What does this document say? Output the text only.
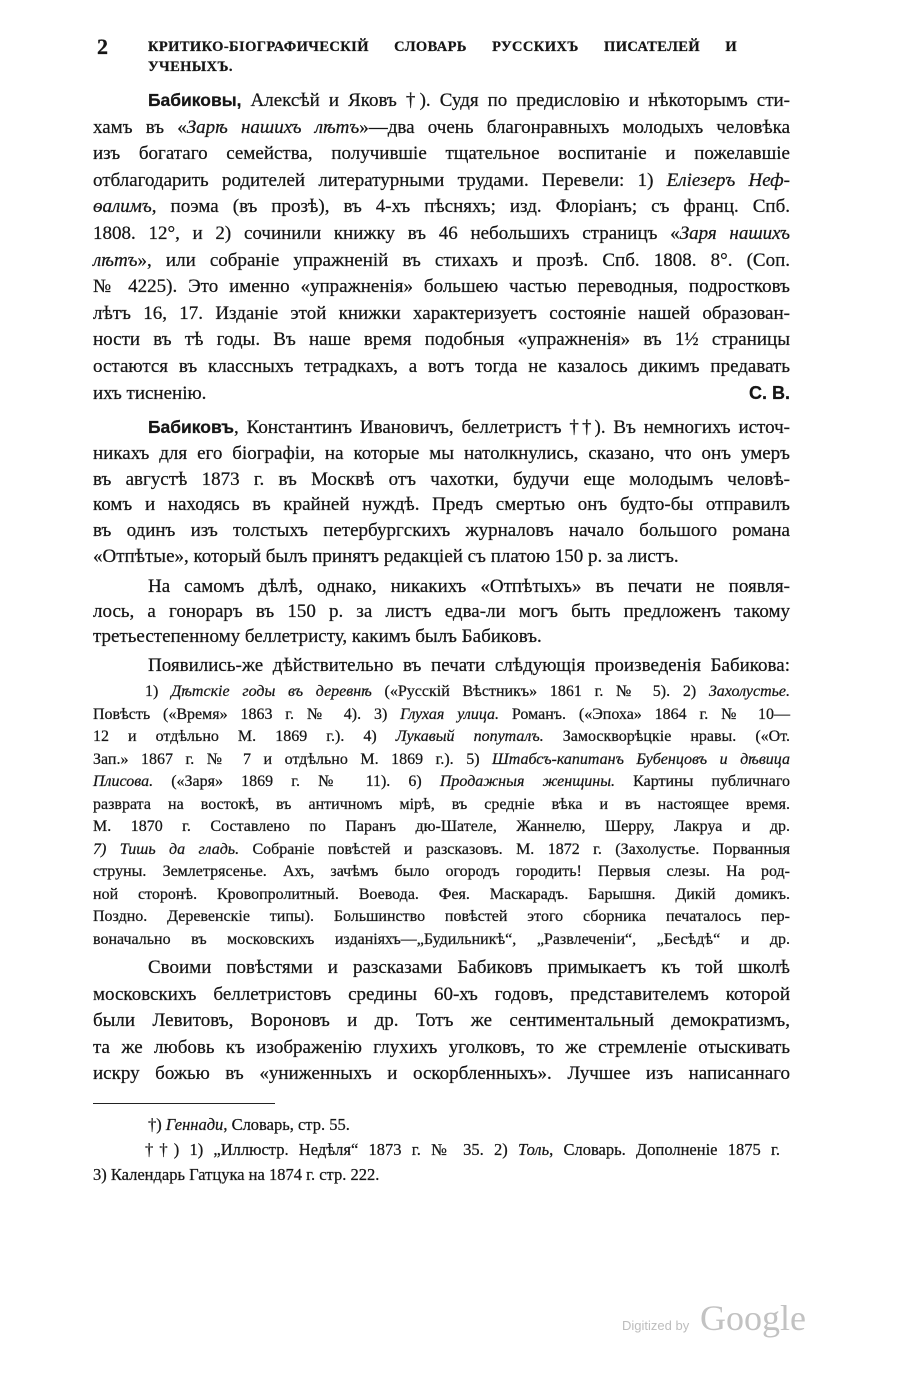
2	КРИТИКО-БІОГРАФИЧЕСКІЙ СЛОВАРЬ РУССКИХЪ ПИСАТЕЛЕЙ И УЧЕНЫХЪ.
Бабиковы, Алексѣй и Яковъ †). Судя по предисловію и нѣкоторымъ сти-
хамъ въ «Зарѣ нашихъ лѣтъ»—два очень благонравныхъ молодыхъ человѣка
изъ богатаго семейства, получившіе тщательное воспитаніе и пожелавшіе
отблагодарить родителей литературными трудами. Перевели: 1) Еліезеръ Неф-
ѳалимъ, поэма (въ прозѣ), въ 4-хъ пѣсняхъ; изд. Флоріанъ; съ франц. Спб.
1808. 12°, и 2) сочинили книжку въ 46 небольшихъ страницъ «Заря нашихъ
лѣтъ», или собраніе упражненій въ стихахъ и прозѣ. Спб. 1808. 8°. (Соп.
№ 4225). Это именно «упражненія» большею частью переводныя, подростковъ
лѣтъ 16, 17. Изданіе этой книжки характеризуетъ состояніе нашей образован-
ности въ тѣ годы. Въ наше время подобныя «упражненія» въ 1½ страницы
остаются въ классныхъ тетрадкахъ, а вотъ тогда не казалось дикимъ предавать
ихъ тисненію.	С. В.
Бабиковъ, Константинъ Ивановичъ, беллетристъ ††). Въ немногихъ источ-
никахъ для его біографіи, на которые мы натолкнулись, сказано, что онъ умеръ
въ августѣ 1873 г. въ Москвѣ отъ чахотки, будучи еще молодымъ человѣ-
комъ и находясь въ крайней нуждѣ. Предъ смертью онъ будто-бы отправилъ
въ одинъ изъ толстыхъ петербургскихъ журналовъ начало большого романа
«Отпѣтые», который былъ принятъ редакціей съ платою 150 р. за листъ.
На самомъ дѣлѣ, однако, никакихъ «Отпѣтыхъ» въ печати не появля-
лось, а гонораръ въ 150 р. за листъ едва-ли могъ быть предложенъ такому
третьестепенному беллетристу, какимъ былъ Бабиковъ.
Появились-же дѣйствительно въ печати слѣдующія произведенія Бабикова:
1) Дѣтскіе годы въ деревнѣ («Русскій Вѣстникъ» 1861 г. № 5). 2) Захолустье.
Повѣсть («Время» 1863 г. № 4). 3) Глухая улица. Романъ. («Эпоха» 1864 г. № 10—
12 и отдѣльно М. 1869 г.). 4) Лукавый попуталъ. Замоскворѣцкіе нравы. («От.
Зап.» 1867 г. № 7 и отдѣльно М. 1869 г.). 5) Штабсъ-капитанъ Бубенцовъ и дѣвица
Плисова. («Заря» 1869 г. № 11). 6) Продажныя женщины. Картины публичнаго
разврата на востокѣ, въ античномъ мірѣ, въ средніе вѣка и въ настоящее время.
М. 1870 г. Составлено по Паранъ дю-Шателе, Жаннелю, Шерру, Лакруа и др.
7) Тишь да гладь. Собраніе повѣстей и разсказовъ. М. 1872 г. (Захолустье. Порванныя
струны. Землетрясенье. Ахъ, зачѣмъ было огородъ городить! Первыя слезы. На род-
ной сторонѣ. Кровопролитный. Воевода. Фея. Маскарадъ. Барышня. Дикій домикъ.
Поздно. Деревенскіе типы). Большинство повѣстей этого сборника печаталось пер-
воначально въ московскихъ изданіяхъ—„Будильникѣ“, „Развлеченіи“, „Бесѣдѣ“ и др.
Своими повѣстями и разсказами Бабиковъ примыкаетъ къ той школѣ
московскихъ беллетристовъ средины 60-хъ годовъ, представителемъ которой
были Левитовъ, Вороновъ и др. Тотъ же сентиментальный демократизмъ,
та же любовь къ изображенію глухихъ уголковъ, то же стремленіе отыскивать
искру божью въ «униженныхъ и оскорбленныхъ». Лучшее изъ написаннаго
†) Геннади, Словарь, стр. 55.
††) 1) „Иллюстр. Недѣля“ 1873 г. № 35. 2) Толь, Словарь. Дополненіе 1875 г.
3) Календарь Гатцука на 1874 г. стр. 222.
Digitized by Google
